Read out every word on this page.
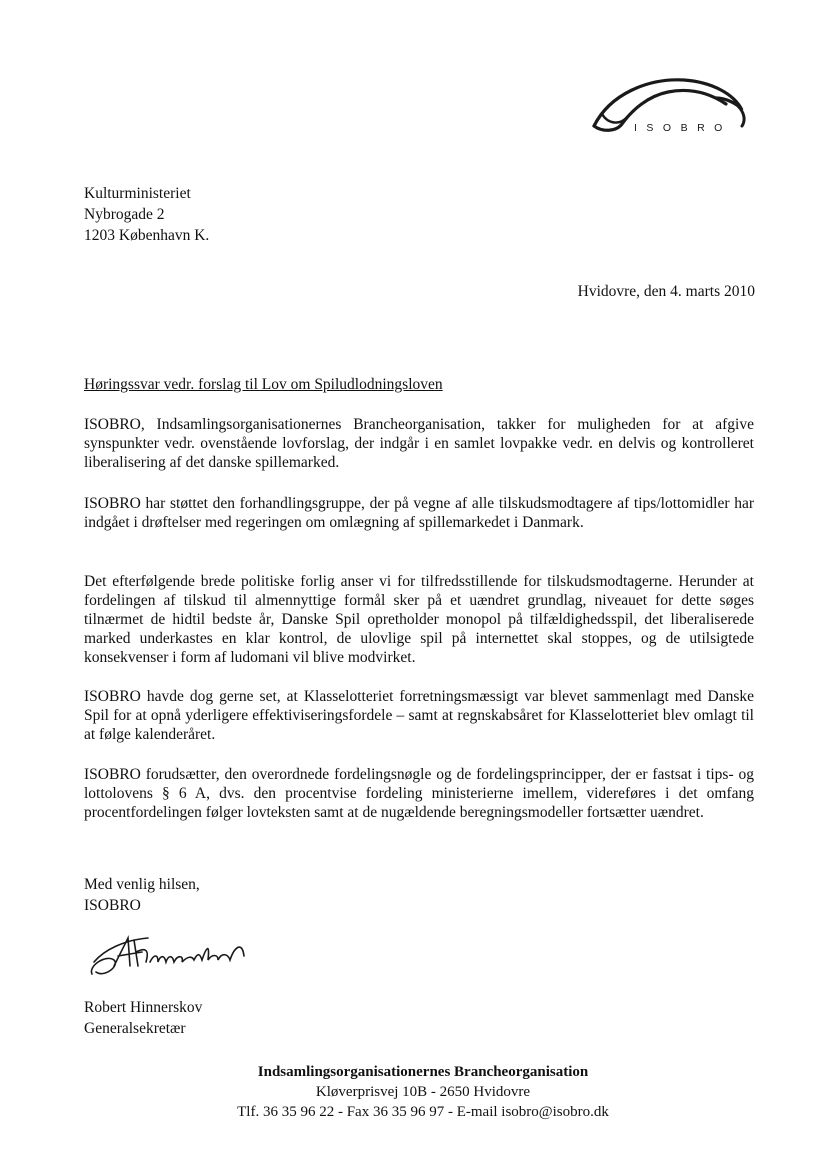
ISOBRO
Kulturministeriet
Nybrogade 2
1203 København K.
Hvidovre, den 4. marts 2010
Høringssvar vedr. forslag til Lov om Spiludlodningsloven

ISOBRO, Indsamlingsorganisationernes Brancheorganisation, takker for muligheden for at afgive synspunkter vedr. ovenstående lovforslag, der indgår i en samlet lovpakke vedr. en delvis og kontrolleret liberalisering af det danske spillemarked.

ISOBRO har støttet den forhandlingsgruppe, der på vegne af alle tilskudsmodtagere af tips/lottomidler har indgået i drøftelser med regeringen om omlægning af spillemarkedet i Danmark.

Det efterfølgende brede politiske forlig anser vi for tilfredsstillende for tilskudsmodtagerne. Herunder at fordelingen af tilskud til almennyttige formål sker på et uændret grundlag, niveauet for dette søges tilnærmet de hidtil bedste år, Danske Spil opretholder monopol på tilfældighedsspil, det liberaliserede marked underkastes en klar kontrol, de ulovlige spil på internettet skal stoppes, og de utilsigtede konsekvenser i form af ludomani vil blive modvirket.

ISOBRO havde dog gerne set, at Klasselotteriet forretningsmæssigt var blevet sammenlagt med Danske Spil for at opnå yderligere effektiviseringsfordele – samt at regnskabsåret for Klasselotteriet blev omlagt til at følge kalenderåret.

ISOBRO forudsætter, den overordnede fordelingsnøgle og de fordelingsprincipper, der er fastsat i tips- og lottolovens § 6 A, dvs. den procentvise fordeling ministerierne imellem, videreføres i det omfang procentfordelingen følger lovteksten samt at de nugældende beregningsmodeller fortsætter uændret.

Med venlig hilsen,
ISOBRO
Robert Hinnerskov
Generalsekretær
Indsamlingsorganisationernes Brancheorganisation
Kløverprisvej 10B - 2650 Hvidovre
Tlf. 36 35 96 22 - Fax 36 35 96 97 - E-mail isobro@isobro.dk
